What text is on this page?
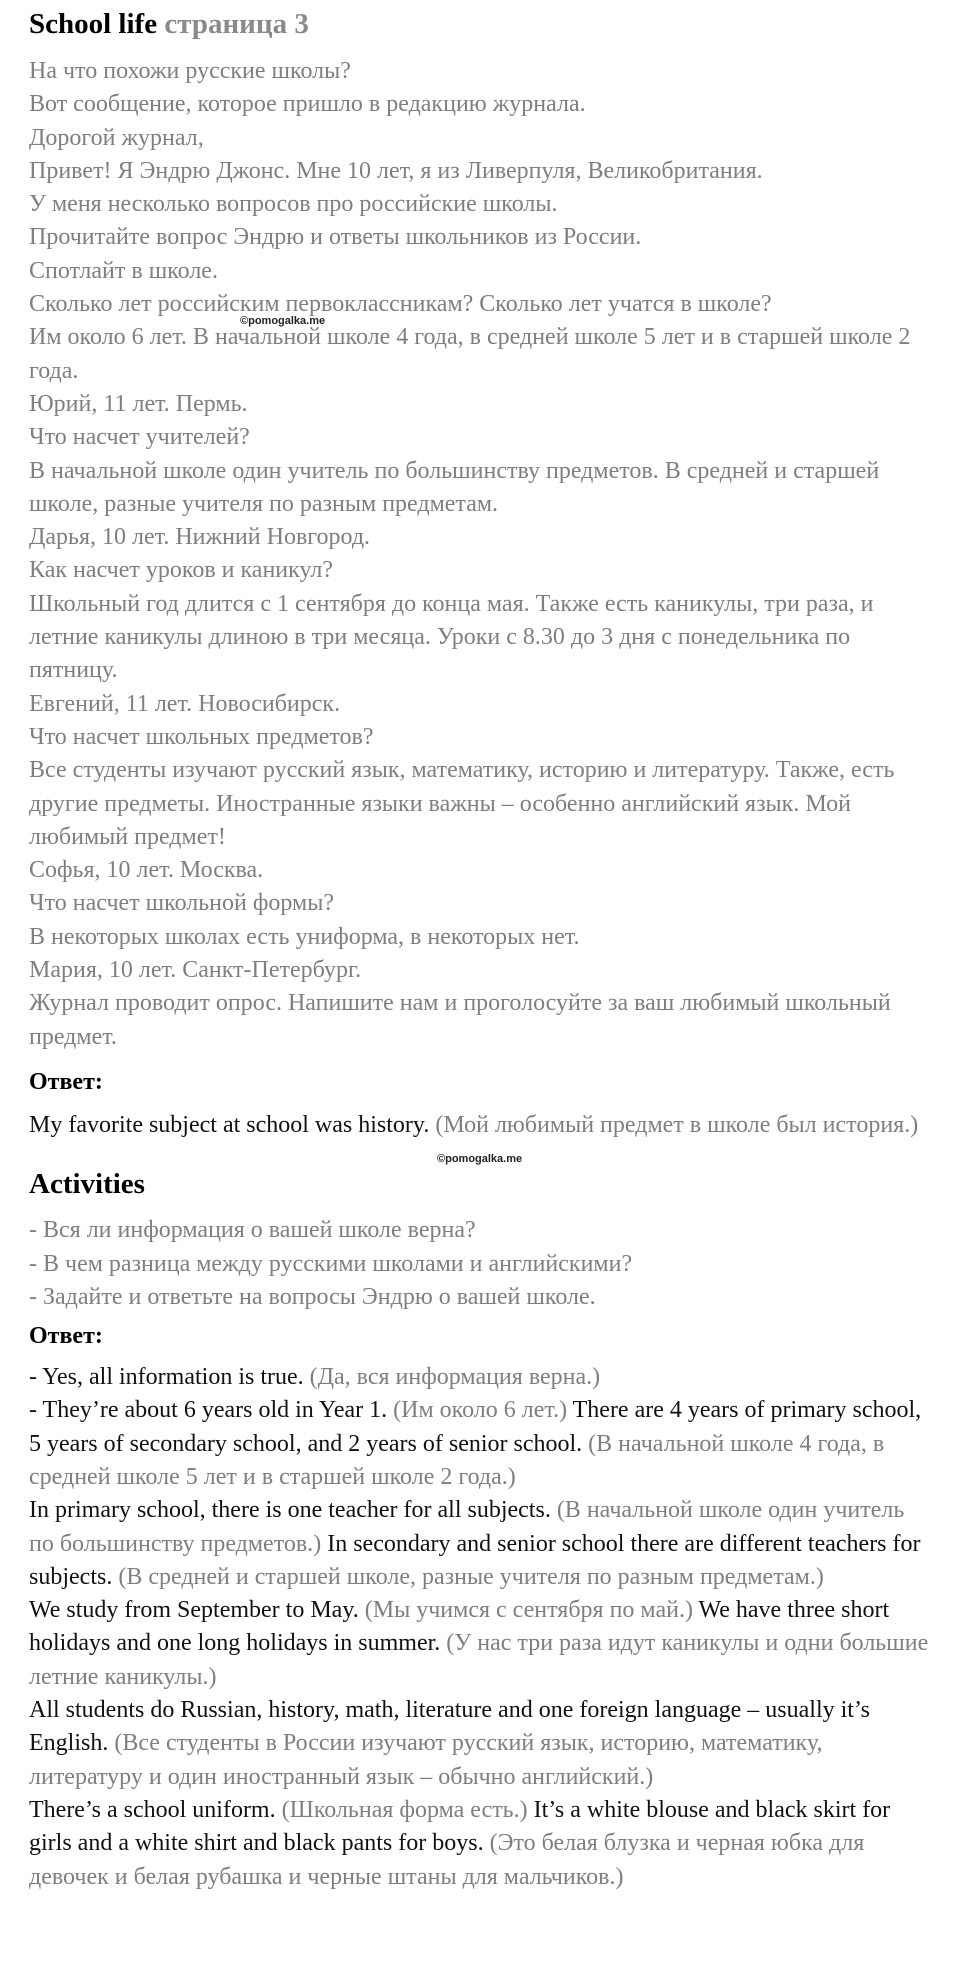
School life страница 3

На что похожи русские школы?

Вот сообщение, которое пришло в редакцию журнала.

Дорогой журнал,

Привет! Я Эндрю Джонс. Мне 10 лет, я из Ливерпуля, Великобритания.

У меня несколько вопросов про российские школы.

Прочитайте вопрос Эндрю и ответы школьников из России.

Спотлайт в школе.

Сколько лет российским первоклассникам? Сколько лет учатся в школе?

Им около 6 лет. В начальной школе 4 года, в средней школе 5 лет и в старшей школе 2 года.

Юрий, 11 лет. Пермь.

Что насчет учителей?

В начальной школе один учитель по большинству предметов. В средней и старшей школе, разные учителя по разным предметам.

Дарья, 10 лет. Нижний Новгород.

Как насчет уроков и каникул?

Школьный год длится с 1 сентября до конца мая. Также есть каникулы, три раза, и летние каникулы длиною в три месяца. Уроки с 8.30 до 3 дня с понедельника по пятницу.

Евгений, 11 лет. Новосибирск.

Что насчет школьных предметов?

Все студенты изучают русский язык, математику, историю и литературу. Также, есть другие предметы. Иностранные языки важны – особенно английский язык. Мой любимый предмет!

Софья, 10 лет. Москва.

Что насчет школьной формы?

В некоторых школах есть униформа, в некоторых нет.

Мария, 10 лет. Санкт-Петербург.

Журнал проводит опрос. Напишите нам и проголосуйте за ваш любимый школьный предмет.

Ответ:

My favorite subject at school was history. (Мой любимый предмет в школе был история.)

Activities

- Вся ли информация о вашей школе верна?

- В чем разница между русскими школами и английскими?

- Задайте и ответьте на вопросы Эндрю о вашей школе.

Ответ:

- Yes, all information is true. (Да, вся информация верна.)

- They’re about 6 years old in Year 1. (Им около 6 лет.) There are 4 years of primary school, 5 years of secondary school, and 2 years of senior school. (В начальной школе 4 года, в средней школе 5 лет и в старшей школе 2 года.)

In primary school, there is one teacher for all subjects. (В начальной школе один учитель по большинству предметов.) In secondary and senior school there are different teachers for subjects. (В средней и старшей школе, разные учителя по разным предметам.)

We study from September to May. (Мы учимся с сентября по май.) We have three short holidays and one long holidays in summer. (У нас три раза идут каникулы и одни большие летние каникулы.)

All students do Russian, history, math, literature and one foreign language – usually it’s English. (Все студенты в России изучают русский язык, историю, математику, литературу и один иностранный язык – обычно английский.)

There’s a school uniform. (Школьная форма есть.) It’s a white blouse and black skirt for girls and a white shirt and black pants for boys. (Это белая блузка и черная юбка для девочек и белая рубашка и черные штаны для мальчиков.)

©pomogalka.me
©pomogalka.me
